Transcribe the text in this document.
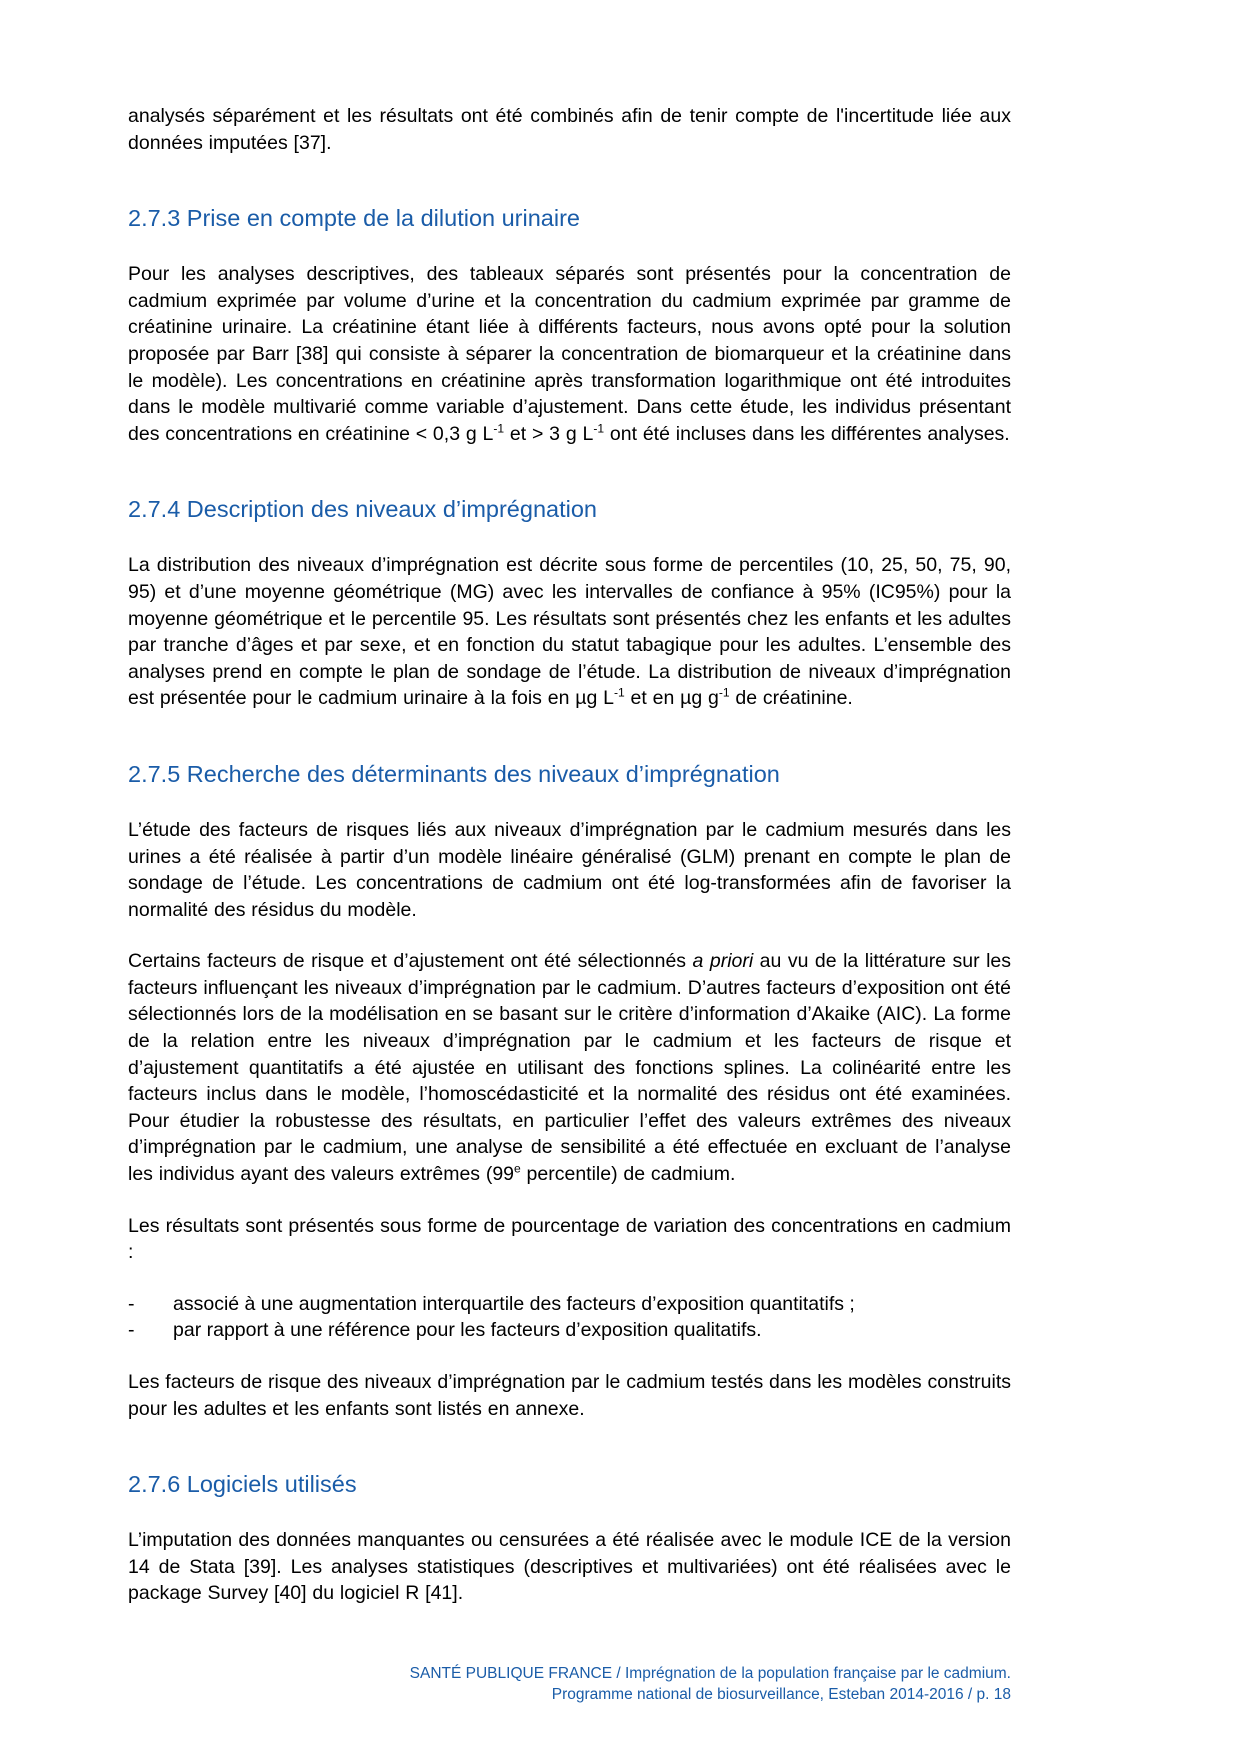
analysés séparément et les résultats ont été combinés afin de tenir compte de l'incertitude liée aux données imputées [37].

2.7.3 Prise en compte de la dilution urinaire

Pour les analyses descriptives, des tableaux séparés sont présentés pour la concentration de cadmium exprimée par volume d’urine et la concentration du cadmium exprimée par gramme de créatinine urinaire. La créatinine étant liée à différents facteurs, nous avons opté pour la solution proposée par Barr [38] qui consiste à séparer la concentration de biomarqueur et la créatinine dans le modèle). Les concentrations en créatinine après transformation logarithmique ont été introduites dans le modèle multivarié comme variable d’ajustement. Dans cette étude, les individus présentant des concentrations en créatinine < 0,3 g $L^{-1}$ et > 3 g $L^{-1}$ ont été incluses dans les différentes analyses.

2.7.4 Description des niveaux d’imprégnation

La distribution des niveaux d’imprégnation est décrite sous forme de percentiles (10, 25, 50, 75, 90, 95) et d’une moyenne géométrique (MG) avec les intervalles de confiance à 95% (IC95%) pour la moyenne géométrique et le percentile 95. Les résultats sont présentés chez les enfants et les adultes par tranche d’âges et par sexe, et en fonction du statut tabagique pour les adultes. L’ensemble des analyses prend en compte le plan de sondage de l’étude. La distribution de niveaux d’imprégnation est présentée pour le cadmium urinaire à la fois en µg $L^{-1}$ et en µg $g^{-1}$ de créatinine.

2.7.5 Recherche des déterminants des niveaux d’imprégnation

L’étude des facteurs de risques liés aux niveaux d’imprégnation par le cadmium mesurés dans les urines a été réalisée à partir d’un modèle linéaire généralisé (GLM) prenant en compte le plan de sondage de l’étude. Les concentrations de cadmium ont été log-transformées afin de favoriser la normalité des résidus du modèle.

Certains facteurs de risque et d’ajustement ont été sélectionnés a priori au vu de la littérature sur les facteurs influençant les niveaux d’imprégnation par le cadmium. D’autres facteurs d’exposition ont été sélectionnés lors de la modélisation en se basant sur le critère d’information d’Akaike (AIC). La forme de la relation entre les niveaux d’imprégnation par le cadmium et les facteurs de risque et d’ajustement quantitatifs a été ajustée en utilisant des fonctions splines. La colinéarité entre les facteurs inclus dans le modèle, l’homoscédasticité et la normalité des résidus ont été examinées. Pour étudier la robustesse des résultats, en particulier l’effet des valeurs extrêmes des niveaux d’imprégnation par le cadmium, une analyse de sensibilité a été effectuée en excluant de l’analyse les individus ayant des valeurs extrêmes (99e percentile) de cadmium.

Les résultats sont présentés sous forme de pourcentage de variation des concentrations en cadmium :

- associé à une augmentation interquartile des facteurs d’exposition quantitatifs ;
- par rapport à une référence pour les facteurs d’exposition qualitatifs.

Les facteurs de risque des niveaux d’imprégnation par le cadmium testés dans les modèles construits pour les adultes et les enfants sont listés en annexe.

2.7.6 Logiciels utilisés

L’imputation des données manquantes ou censurées a été réalisée avec le module ICE de la version 14 de Stata [39]. Les analyses statistiques (descriptives et multivariées) ont été réalisées avec le package Survey [40] du logiciel R [41].

SANTÉ PUBLIQUE FRANCE / Imprégnation de la population française par le cadmium.
Programme national de biosurveillance, Esteban 2014-2016 / p. 18
